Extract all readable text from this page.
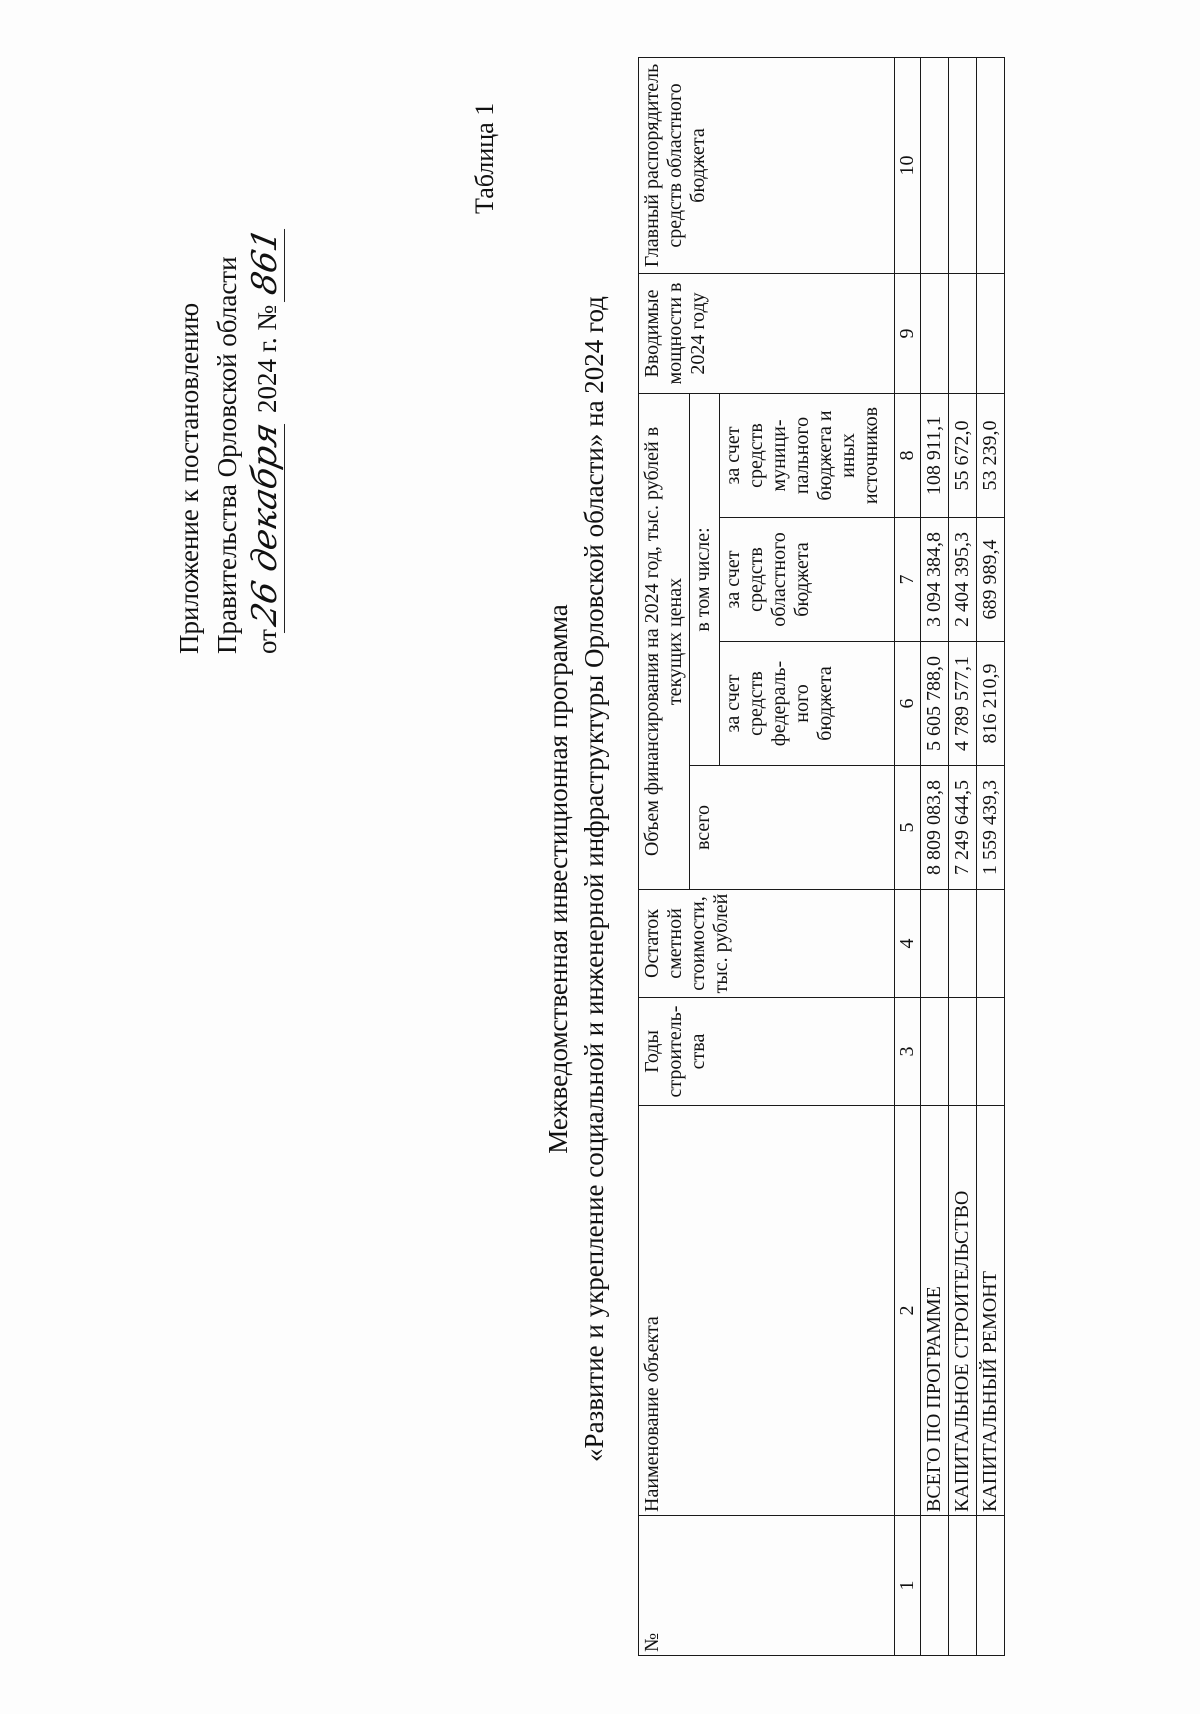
Приложение к постановлению Правительства Орловской области от26 декабря 2024 г. № 861
Таблица 1
Межведомственная инвестиционная программа «Развитие и укрепление социальной и инженерной инфраструктуры Орловской области» на 2024 год
№	Наименование объекта	Годы строитель-ства	Остаток сметной стоимости, тыс. рублей	Объем финансирования на 2024 год, тыс. рублей в текущих ценах				Вводимые мощности в 2024 году	Главный распорядитель средств областного бюджета
				всего	в том числе:				
					за счет средств федераль-ного бюджета	за счет средств областного бюджета	за счет средств муници-пального бюджета и иных источников		
1	2	3	4	5	6	7	8	9	10
	ВСЕГО ПО ПРОГРАММЕ			8 809 083,8	5 605 788,0	3 094 384,8	108 911,1		
	КАПИТАЛЬНОЕ СТРОИТЕЛЬСТВО			7 249 644,5	4 789 577,1	2 404 395,3	55 672,0		
	КАПИТАЛЬНЫЙ РЕМОНТ			1 559 439,3	816 210,9	689 989,4	53 239,0		
